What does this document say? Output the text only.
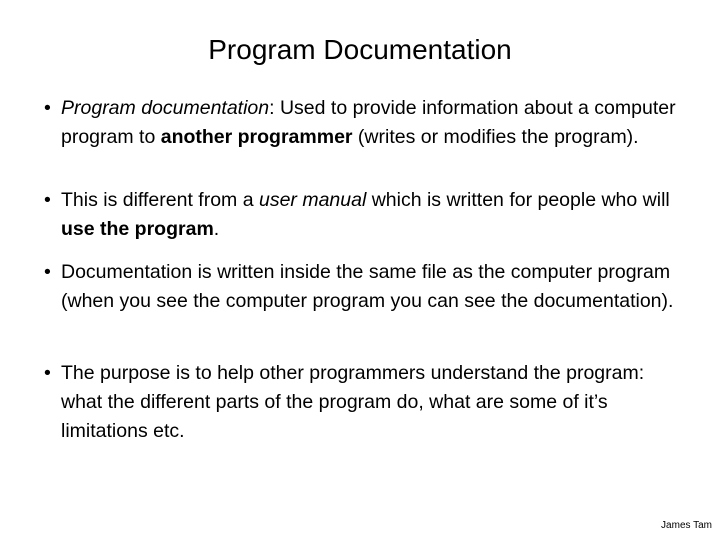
Program Documentation
• Program documentation: Used to provide information about a computer program to another programmer (writes or modifies the program).
• This is different from a user manual which is written for people who will use the program.
• Documentation is written inside the same file as the computer program (when you see the computer program you can see the documentation).
• The purpose is to help other programmers understand the program: what the different parts of the program do, what are some of it’s limitations etc.
James Tam
